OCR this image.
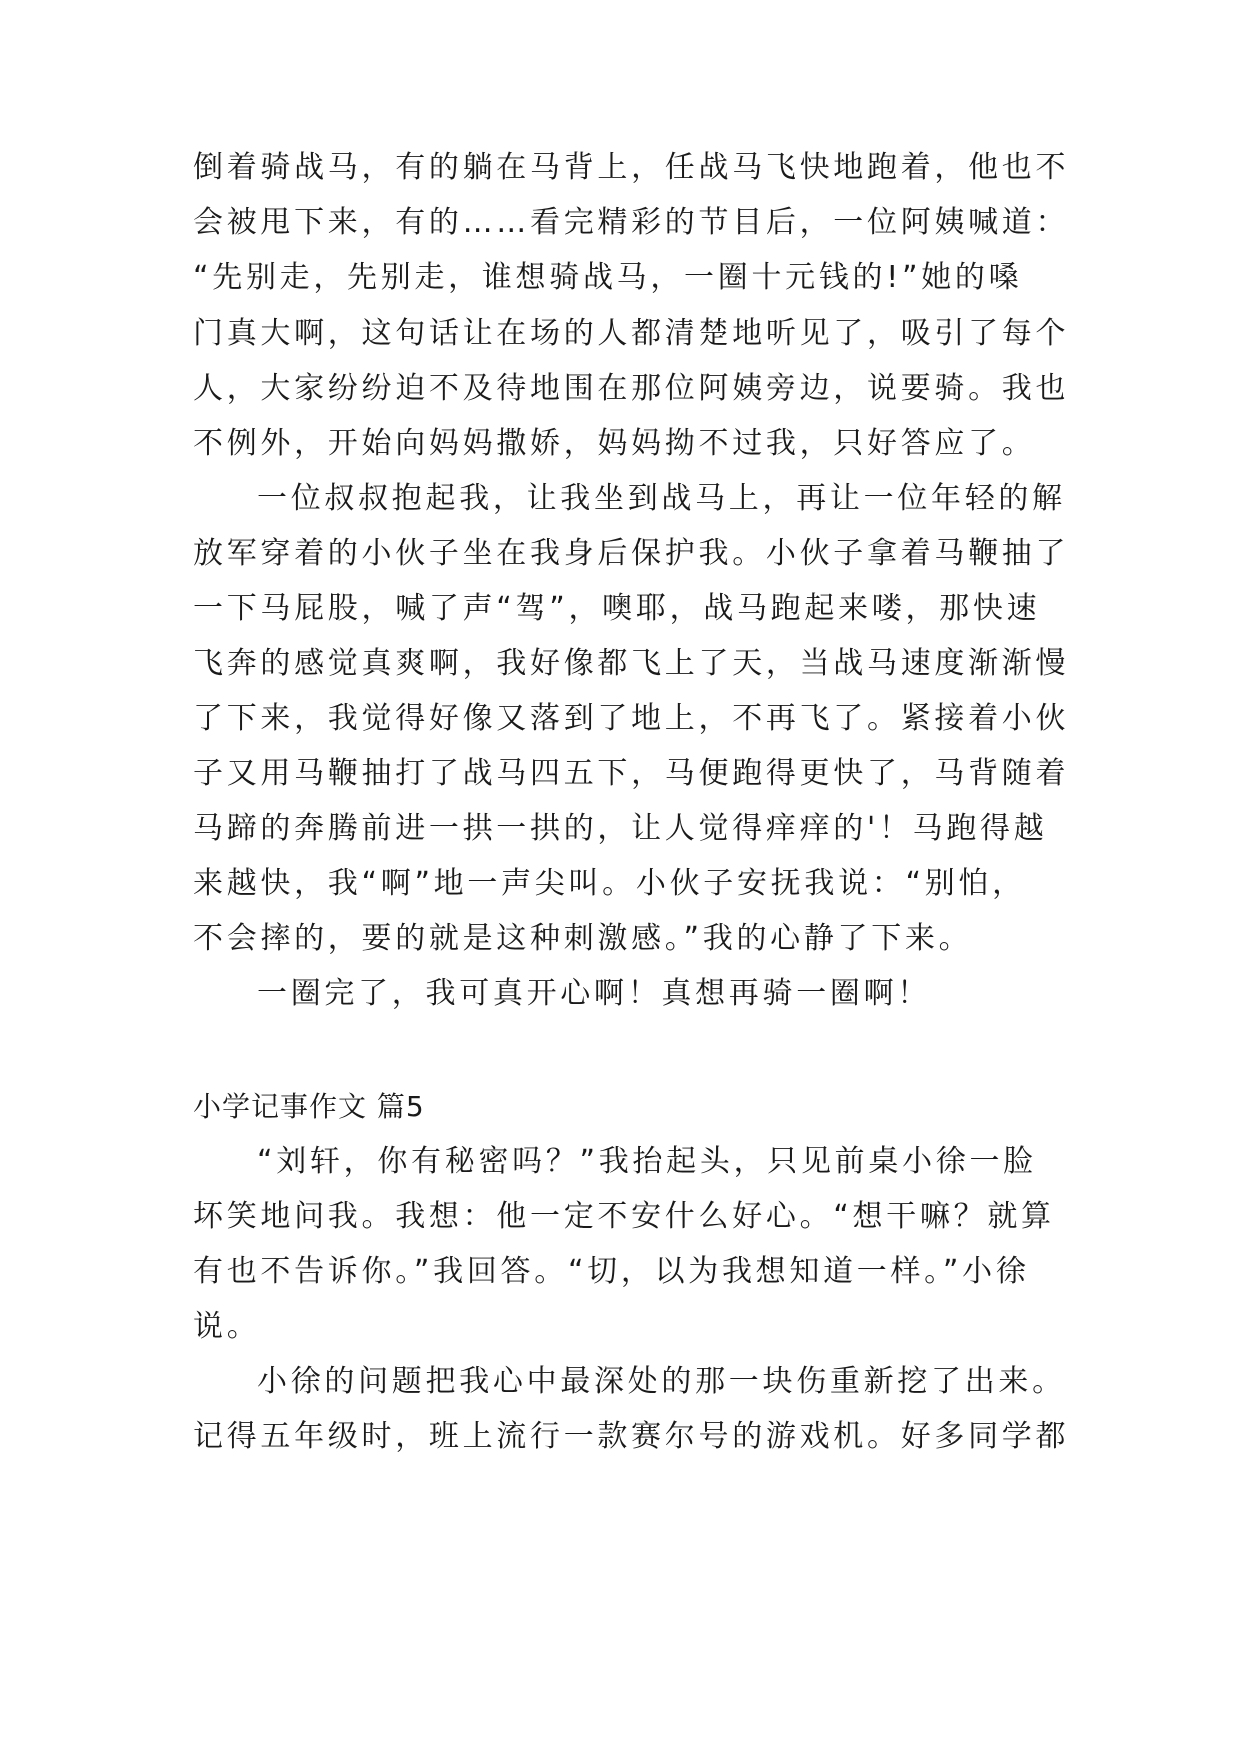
倒着骑战马，有的躺在马背上，任战马飞快地跑着，他也不
会被甩下来，有的……看完精彩的节目后，一位阿姨喊道：
“先别走，先别走，谁想骑战马，一圈十元钱的!”她的嗓
门真大啊，这句话让在场的人都清楚地听见了，吸引了每个
人，大家纷纷迫不及待地围在那位阿姨旁边，说要骑。我也
不例外，开始向妈妈撒娇，妈妈拗不过我，只好答应了。
一位叔叔抱起我，让我坐到战马上，再让一位年轻的解
放军穿着的小伙子坐在我身后保护我。小伙子拿着马鞭抽了
一下马屁股，喊了声“驾”，噢耶，战马跑起来喽，那快速
飞奔的感觉真爽啊，我好像都飞上了天，当战马速度渐渐慢
了下来，我觉得好像又落到了地上，不再飞了。紧接着小伙
子又用马鞭抽打了战马四五下，马便跑得更快了，马背随着
马蹄的奔腾前进一拱一拱的，让人觉得痒痒的'！马跑得越
来越快，我“啊”地一声尖叫。小伙子安抚我说：“别怕，
不会摔的，要的就是这种刺激感。”我的心静了下来。
一圈完了，我可真开心啊！真想再骑一圈啊！
小学记事作文 篇5
“刘轩，你有秘密吗？”我抬起头，只见前桌小徐一脸
坏笑地问我。我想：他一定不安什么好心。“想干嘛？就算
有也不告诉你。”我回答。“切，以为我想知道一样。”小徐
说。
小徐的问题把我心中最深处的那一块伤重新挖了出来。
记得五年级时，班上流行一款赛尔号的游戏机。好多同学都
